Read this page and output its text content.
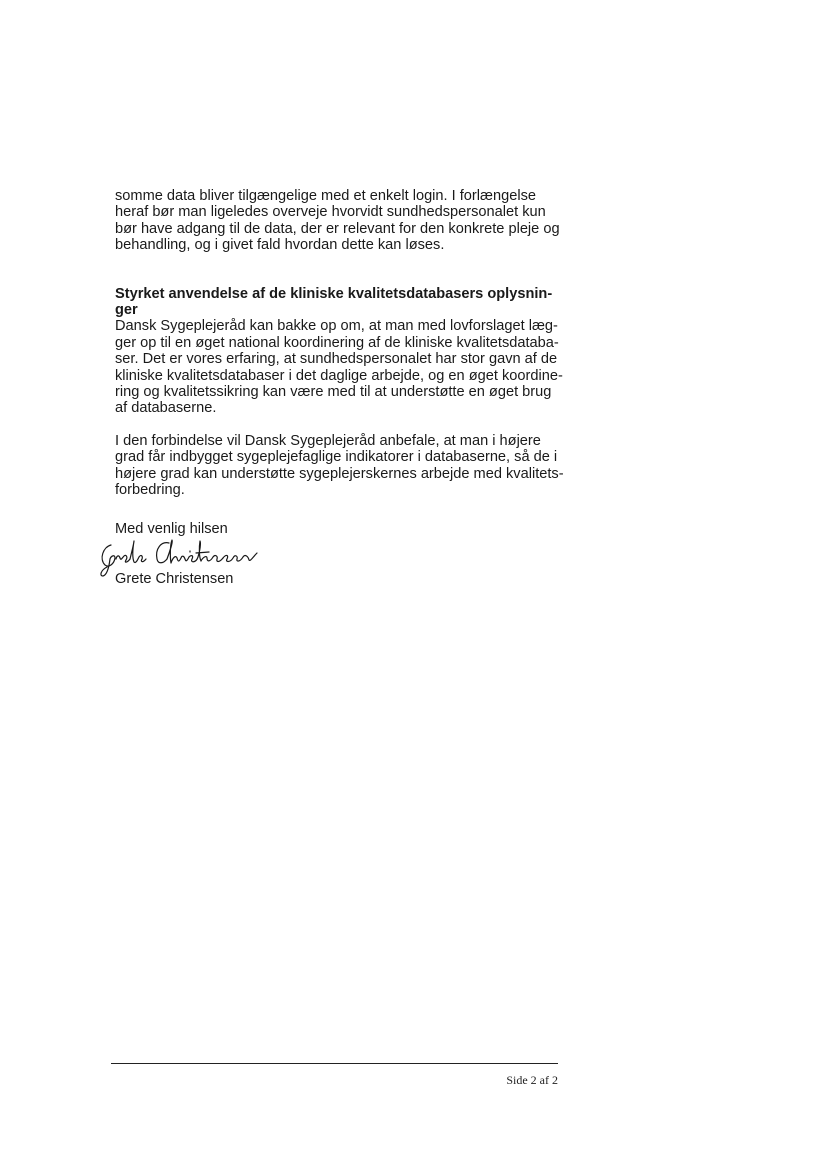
somme data bliver tilgængelige med et enkelt login. I forlængelse
heraf bør man ligeledes overveje hvorvidt sundhedspersonalet kun
bør have adgang til de data, der er relevant for den konkrete pleje og
behandling, og i givet fald hvordan dette kan løses.
Styrket anvendelse af de kliniske kvalitetsdatabasers oplysnin-
ger
Dansk Sygeplejeråd kan bakke op om, at man med lovforslaget læg-
ger op til en øget national koordinering af de kliniske kvalitetsdataba-
ser. Det er vores erfaring, at sundhedspersonalet har stor gavn af de
kliniske kvalitetsdatabaser i det daglige arbejde, og en øget koordine-
ring og kvalitetssikring kan være med til at understøtte en øget brug
af databaserne.
I den forbindelse vil Dansk Sygeplejeråd anbefale, at man i højere
grad får indbygget sygeplejefaglige indikatorer i databaserne, så de i
højere grad kan understøtte sygeplejerskernes arbejde med kvalitets-
forbedring.
Med venlig hilsen
Grete Christensen
Side 2 af 2
